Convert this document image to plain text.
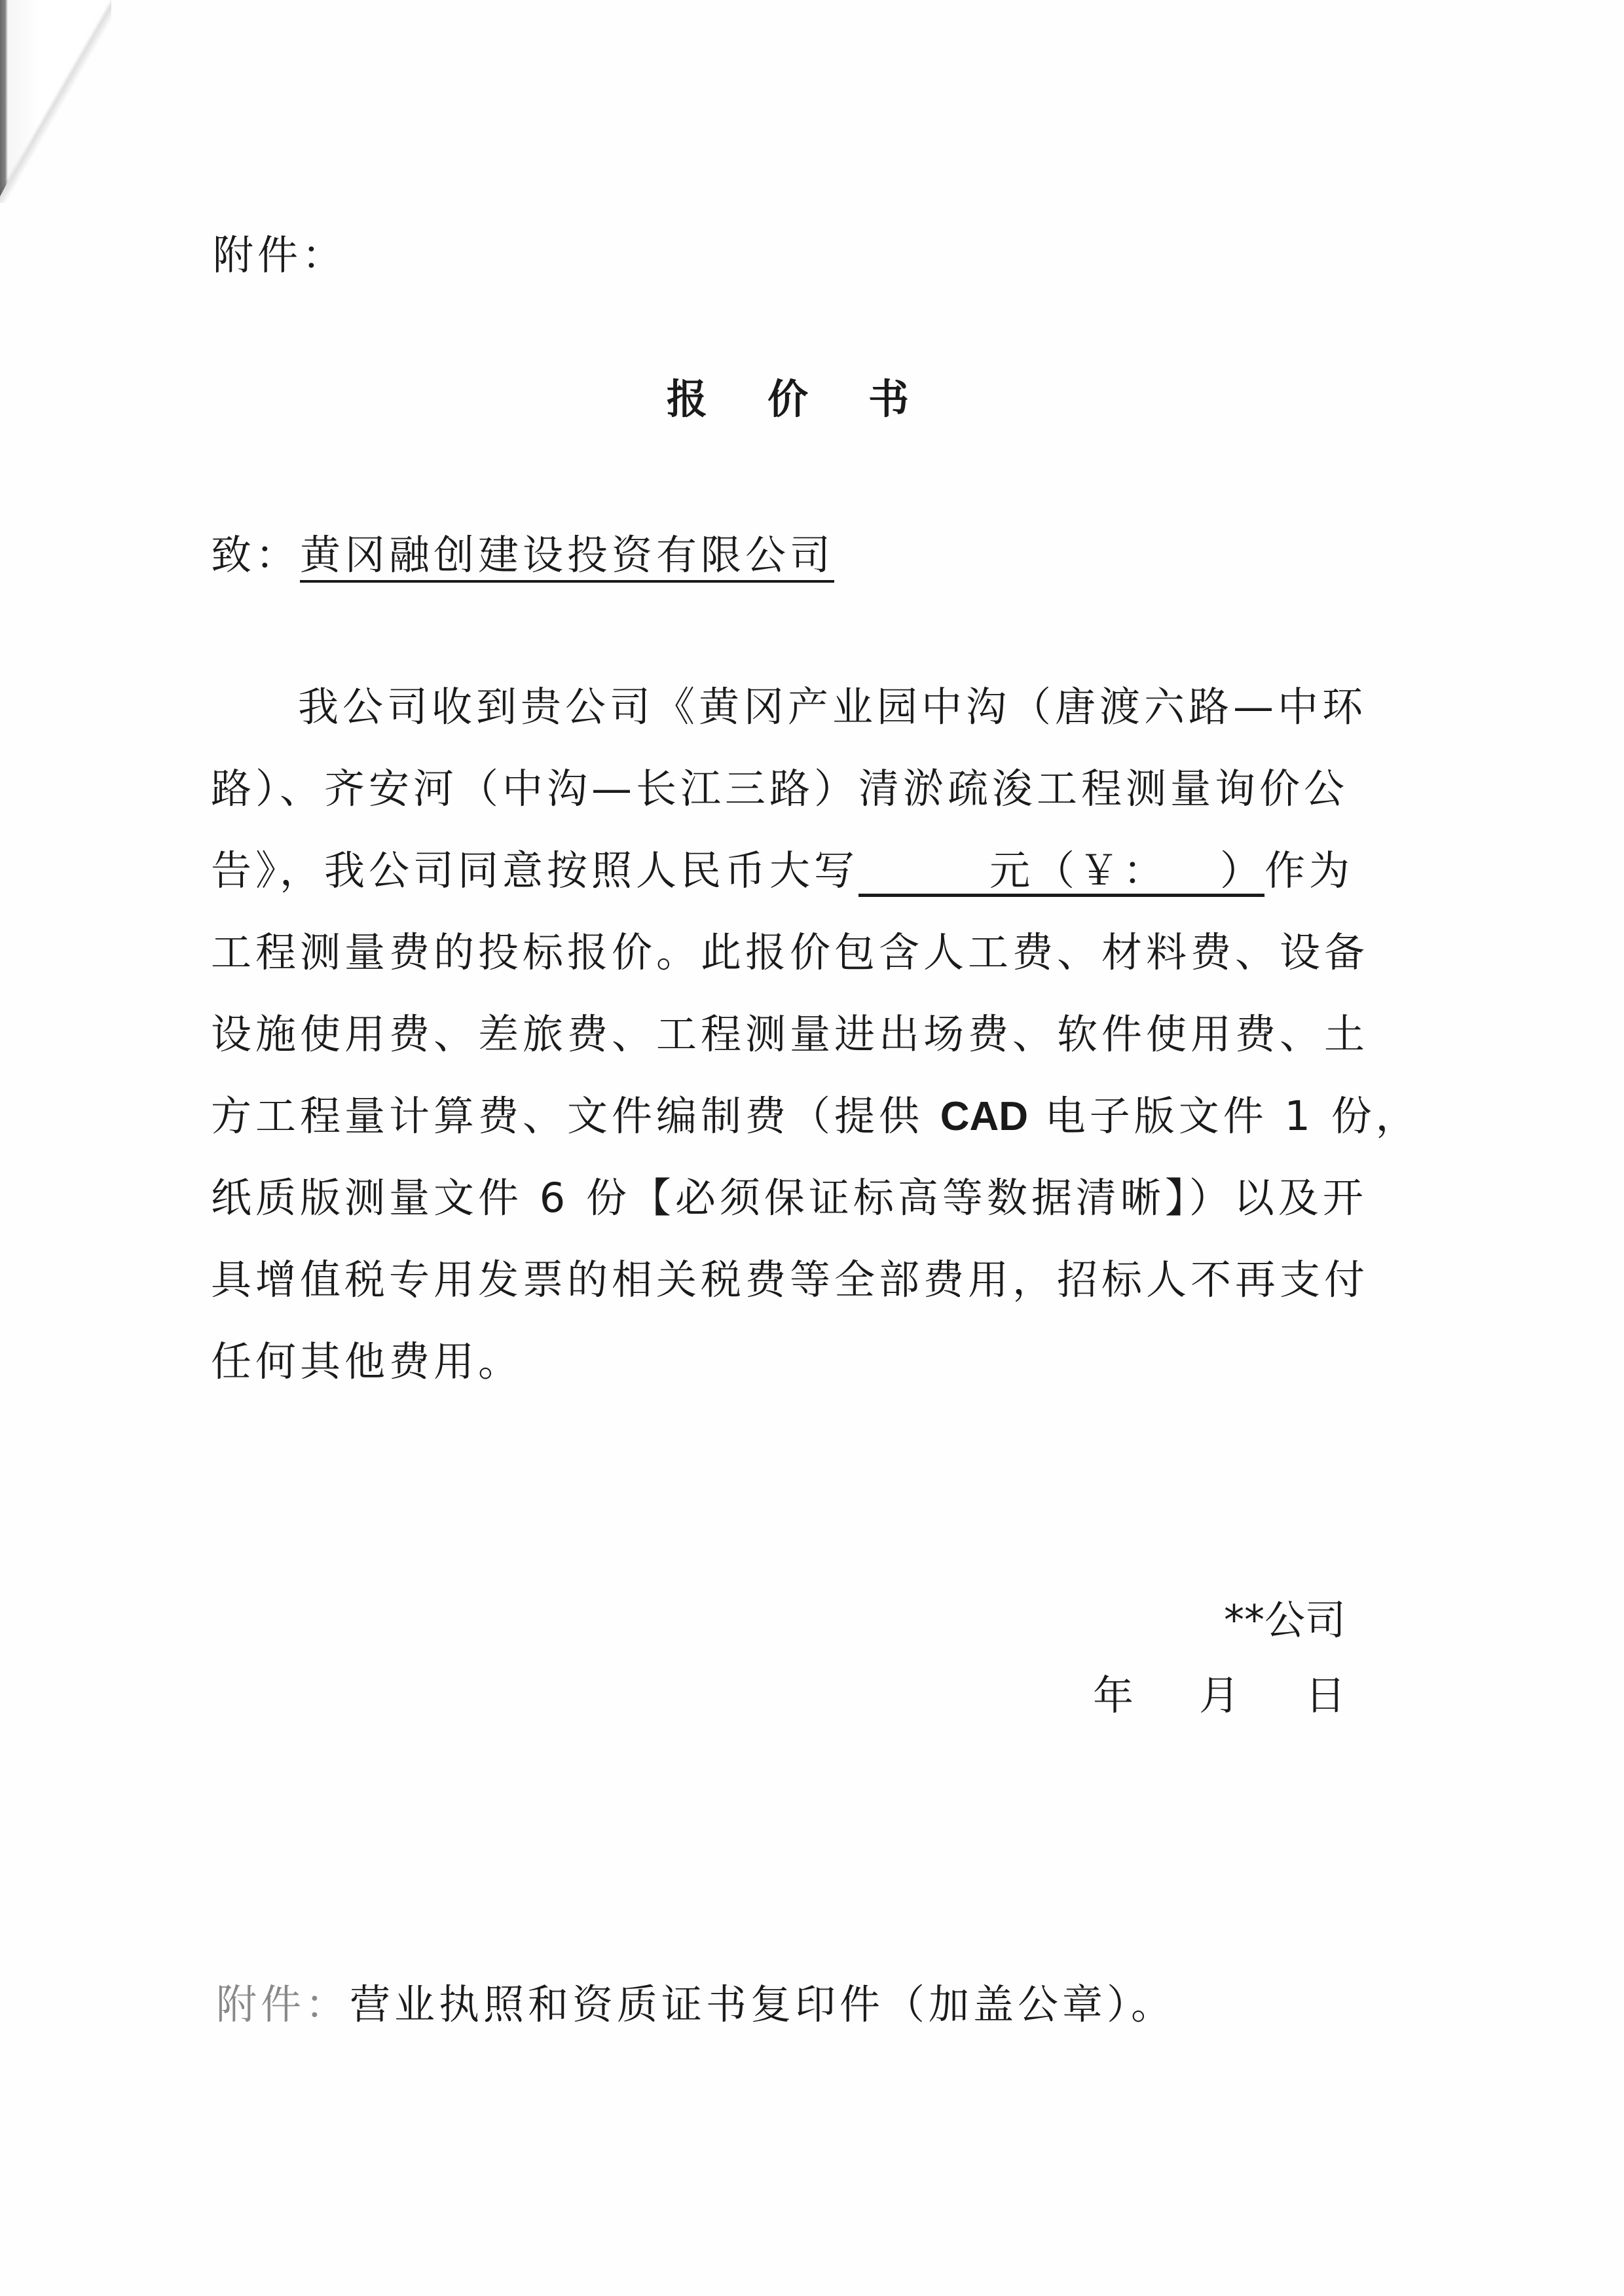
附件：
报 价 书
致：黄冈融创建设投资有限公司
我公司收到贵公司《黄冈产业园中沟（唐渡六路—中环
路）、齐安河（中沟—长江三路）清淤疏浚工程测量询价公
告》，我公司同意按照人民币大写	元（￥： ）作为
工程测量费的投标报价。此报价包含人工费、材料费、设备
设施使用费、差旅费、工程测量进出场费、软件使用费、土
方工程量计算费、文件编制费（提供 CAD 电子版文件 1 份，
纸质版测量文件 6 份【必须保证标高等数据清晰】）以及开
具增值税专用发票的相关税费等全部费用，招标人不再支付
任何其他费用。
**公司
年 月 日
附件：营业执照和资质证书复印件（加盖公章）。
